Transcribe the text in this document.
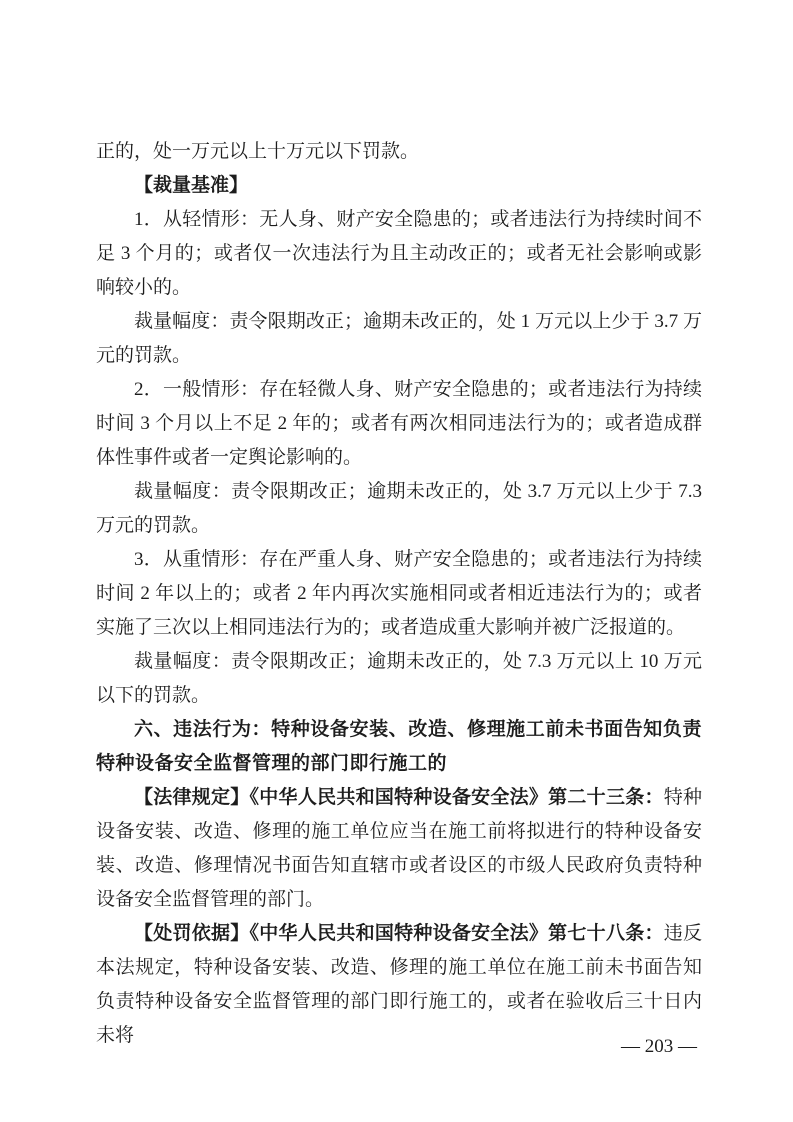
正的，处一万元以上十万元以下罚款。

【裁量基准】

1．从轻情形：无人身、财产安全隐患的；或者违法行为持续时间不足 3 个月的；或者仅一次违法行为且主动改正的；或者无社会影响或影响较小的。

裁量幅度：责令限期改正；逾期未改正的，处 1 万元以上少于 3.7 万元的罚款。

2．一般情形：存在轻微人身、财产安全隐患的；或者违法行为持续时间 3 个月以上不足 2 年的；或者有两次相同违法行为的；或者造成群体性事件或者一定舆论影响的。

裁量幅度：责令限期改正；逾期未改正的，处 3.7 万元以上少于 7.3 万元的罚款。

3．从重情形：存在严重人身、财产安全隐患的；或者违法行为持续时间 2 年以上的；或者 2 年内再次实施相同或者相近违法行为的；或者实施了三次以上相同违法行为的；或者造成重大影响并被广泛报道的。

裁量幅度：责令限期改正；逾期未改正的，处 7.3 万元以上 10 万元以下的罚款。

六、违法行为：特种设备安装、改造、修理施工前未书面告知负责特种设备安全监督管理的部门即行施工的

【法律规定】《中华人民共和国特种设备安全法》第二十三条：特种设备安装、改造、修理的施工单位应当在施工前将拟进行的特种设备安装、改造、修理情况书面告知直辖市或者设区的市级人民政府负责特种设备安全监督管理的部门。

【处罚依据】《中华人民共和国特种设备安全法》第七十八条：违反本法规定，特种设备安装、改造、修理的施工单位在施工前未书面告知负责特种设备安全监督管理的部门即行施工的，或者在验收后三十日内未将

— 203 —
